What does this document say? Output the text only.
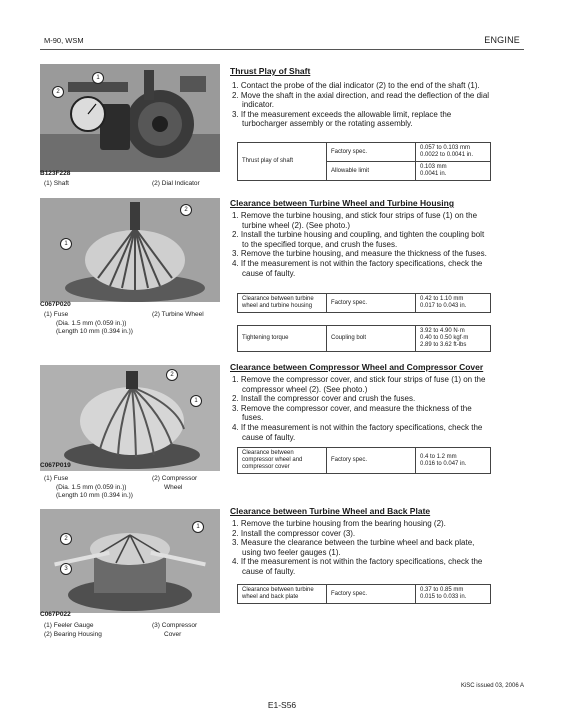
M-90, WSM	ENGINE
1
2
B123F228
(1) Shaft	(2) Dial Indicator
Thrust Play of Shaft
1. Contact the probe of the dial indicator (2) to the end of the shaft (1).
2. Move the shaft in the axial direction, and read the deflection of the dial indicator.
3. If the measurement exceeds the allowable limit, replace the turbocharger assembly or the rotating assembly.
Thrust play of shaft	Factory spec.	0.057 to 0.103 mm
0.0022 to 0.0041 in.

	Allowable limit	0.103 mm
0.0041 in.
1
2
C067P020
(1) Fuse
(Dia. 1.5 mm (0.059 in.))
(Length 10 mm (0.394 in.))
(2) Turbine Wheel
Clearance between Turbine Wheel and Turbine Housing
1. Remove the turbine housing, and stick four strips of fuse (1) on the turbine wheel (2). (See photo.)
2. Install the turbine housing and coupling, and tighten the coupling bolt to the specified torque, and crush the fuses.
3. Remove the turbine housing, and measure the thickness of the fuses.
4. If the measurement is not within the factory specifications, check the cause of faulty.
Clearance between turbine wheel and turbine housing	Factory spec.	
0.42 to 1.10 mm
0.017 to 0.043 in.
Tightening torque	Coupling bolt	
3.92 to 4.90 N·m
0.40 to 0.50 kgf·m
2.89 to 3.62 ft-lbs
1
2
C067P019
(1) Fuse
(Dia. 1.5 mm (0.059 in.))
(Length 10 mm (0.394 in.))
(2) Compressor
Wheel
Clearance between Compressor Wheel and Compressor Cover
1. Remove the compressor cover, and stick four strips of fuse (1) on the compressor wheel (2). (See photo.)
2. Install the compressor cover and crush the fuses.
3. Remove the compressor cover, and measure the thickness of the fuses.
4. If the measurement is not within the factory specifications, check the cause of faulty.
Clearance between compressor wheel and compressor cover	Factory spec.	
0.4 to 1.2 mm
0.016 to 0.047 in.
1
2
3
C067P022
(1) Feeler Gauge
(2) Bearing Housing
(3) Compressor
Cover
Clearance between Turbine Wheel and Back Plate
1. Remove the turbine housing from the bearing housing (2).
2. Install the compressor cover (3).
3. Measure the clearance between the turbine wheel and back plate, using two feeler gauges (1).
4. If the measurement is not within the factory specifications, check the cause of faulty.
Clearance between turbine wheel and back plate	Factory spec.	
0.37 to 0.85 mm
0.015 to 0.033 in.
KiSC issued 03, 2006 A
E1-S56
